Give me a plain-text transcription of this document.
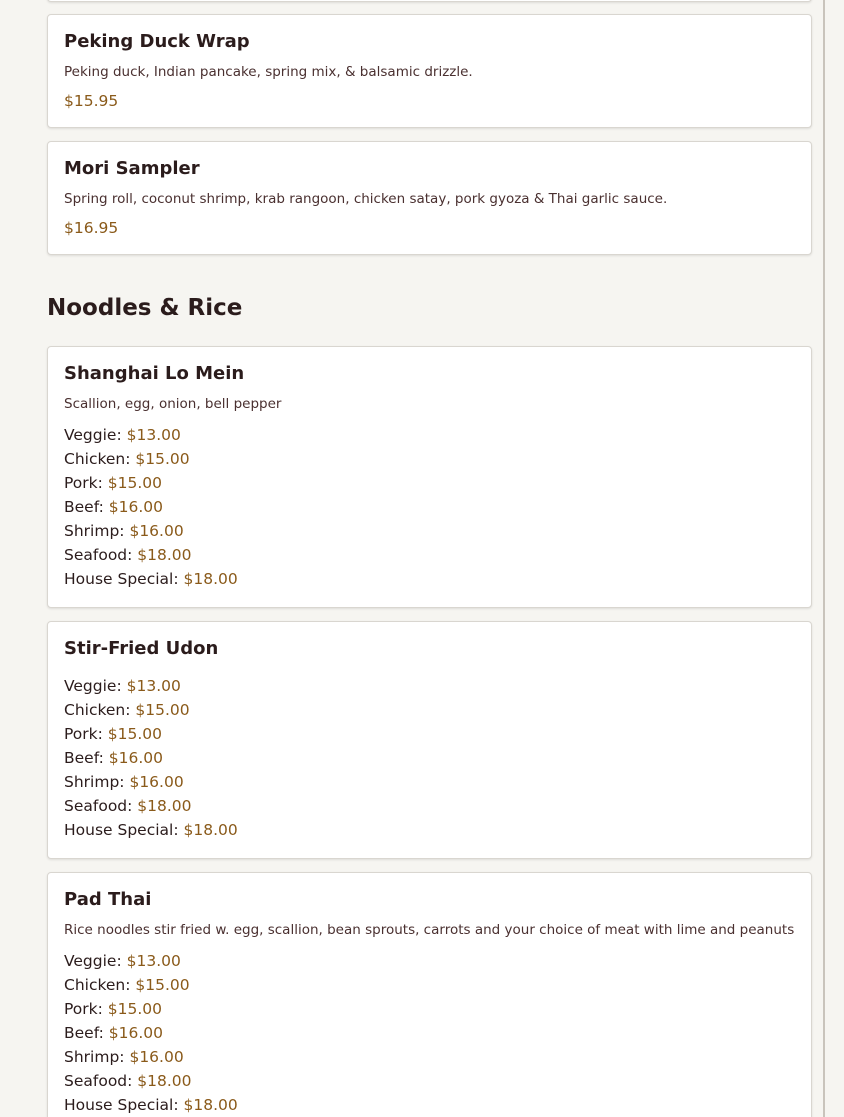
Peking Duck Wrap
Peking duck, Indian pancake, spring mix, & balsamic drizzle.
$15.95
Mori Sampler
Spring roll, coconut shrimp, krab rangoon, chicken satay, pork gyoza & Thai garlic sauce.
$16.95
Noodles & Rice
Shanghai Lo Mein
Scallion, egg, onion, bell pepper
Veggie: $13.00
Chicken: $15.00
Pork: $15.00
Beef: $16.00
Shrimp: $16.00
Seafood: $18.00
House Special: $18.00
Stir-Fried Udon
Veggie: $13.00
Chicken: $15.00
Pork: $15.00
Beef: $16.00
Shrimp: $16.00
Seafood: $18.00
House Special: $18.00
Pad Thai
Rice noodles stir fried w. egg, scallion, bean sprouts, carrots and your choice of meat with lime and peanuts
Veggie: $13.00
Chicken: $15.00
Pork: $15.00
Beef: $16.00
Shrimp: $16.00
Seafood: $18.00
House Special: $18.00
